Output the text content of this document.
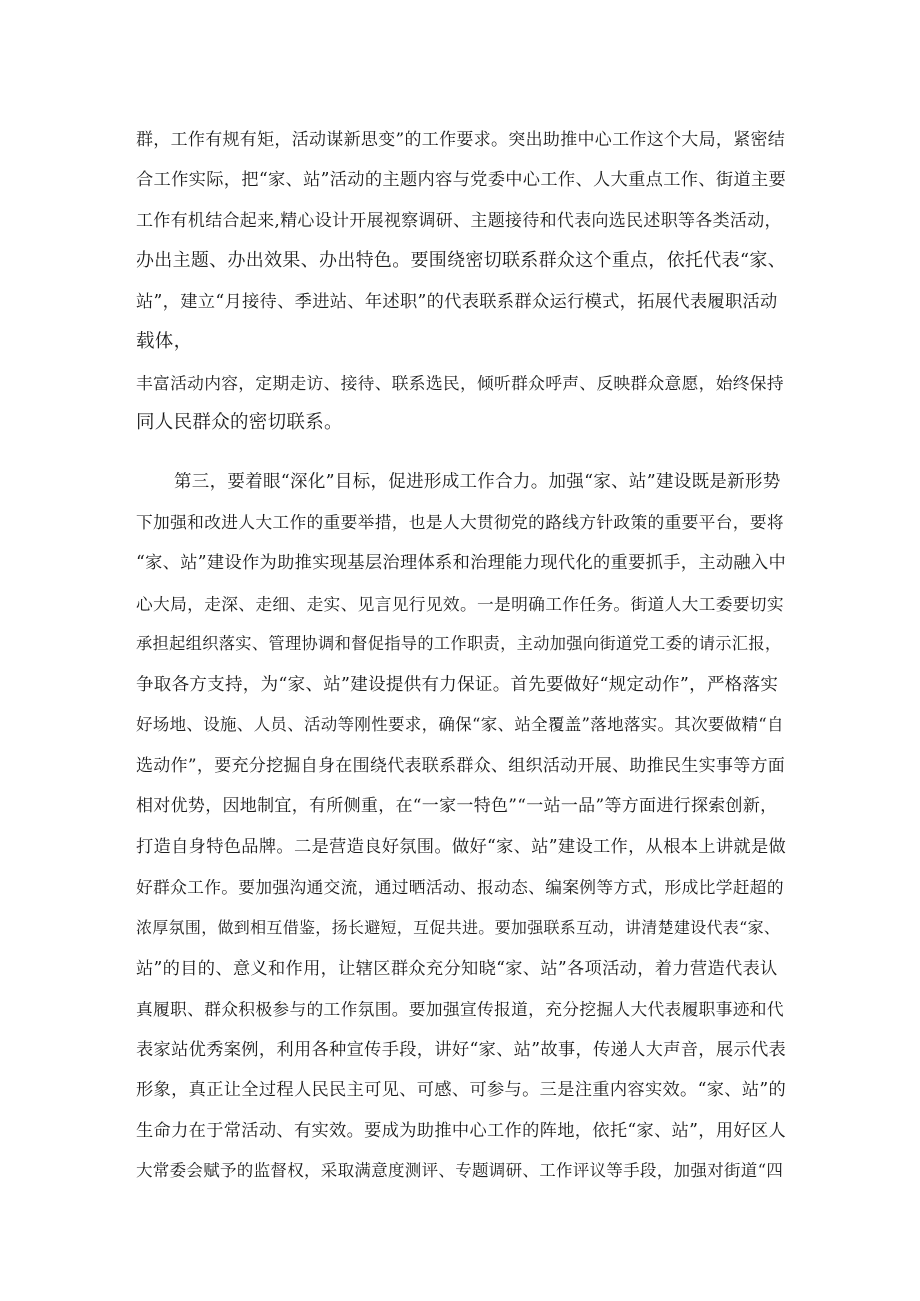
群，工作有规有矩，活动谋新思变”的工作要求。突出助推中心工作这个大局，紧密结
合工作实际，把“家、站”活动的主题内容与党委中心工作、人大重点工作、街道主要
工作有机结合起来,精心设计开展视察调研、主题接待和代表向选民述职等各类活动，
办出主题、办出效果、办出特色。要围绕密切联系群众这个重点，依托代表“家、
站”，建立“月接待、季进站、年述职”的代表联系群众运行模式，拓展代表履职活动
载体，
丰富活动内容，定期走访、接待、联系选民，倾听群众呼声、反映群众意愿，始终保持
同人民群众的密切联系。
第三，要着眼“深化”目标，促进形成工作合力。加强“家、站”建设既是新形势
下加强和改进人大工作的重要举措，也是人大贯彻党的路线方针政策的重要平台，要将
“家、站”建设作为助推实现基层治理体系和治理能力现代化的重要抓手，主动融入中
心大局，走深、走细、走实、见言见行见效。一是明确工作任务。街道人大工委要切实
承担起组织落实、管理协调和督促指导的工作职责，主动加强向街道党工委的请示汇报，
争取各方支持，为“家、站”建设提供有力保证。首先要做好“规定动作”，严格落实
好场地、设施、人员、活动等刚性要求，确保“家、站全覆盖”落地落实。其次要做精“自
选动作”，要充分挖掘自身在围绕代表联系群众、组织活动开展、助推民生实事等方面
相对优势，因地制宜，有所侧重，在“一家一特色”“一站一品”等方面进行探索创新，
打造自身特色品牌。二是营造良好氛围。做好“家、站”建设工作，从根本上讲就是做
好群众工作。要加强沟通交流，通过晒活动、报动态、编案例等方式，形成比学赶超的
浓厚氛围，做到相互借鉴，扬长避短，互促共进。要加强联系互动，讲清楚建设代表“家、
站”的目的、意义和作用，让辖区群众充分知晓“家、站”各项活动，着力营造代表认
真履职、群众积极参与的工作氛围。要加强宣传报道，充分挖掘人大代表履职事迹和代
表家站优秀案例，利用各种宣传手段，讲好“家、站”故事，传递人大声音，展示代表
形象，真正让全过程人民民主可见、可感、可参与。三是注重内容实效。“家、站”的
生命力在于常活动、有实效。要成为助推中心工作的阵地，依托“家、站”，用好区人
大常委会赋予的监督权，采取满意度测评、专题调研、工作评议等手段，加强对街道“四
